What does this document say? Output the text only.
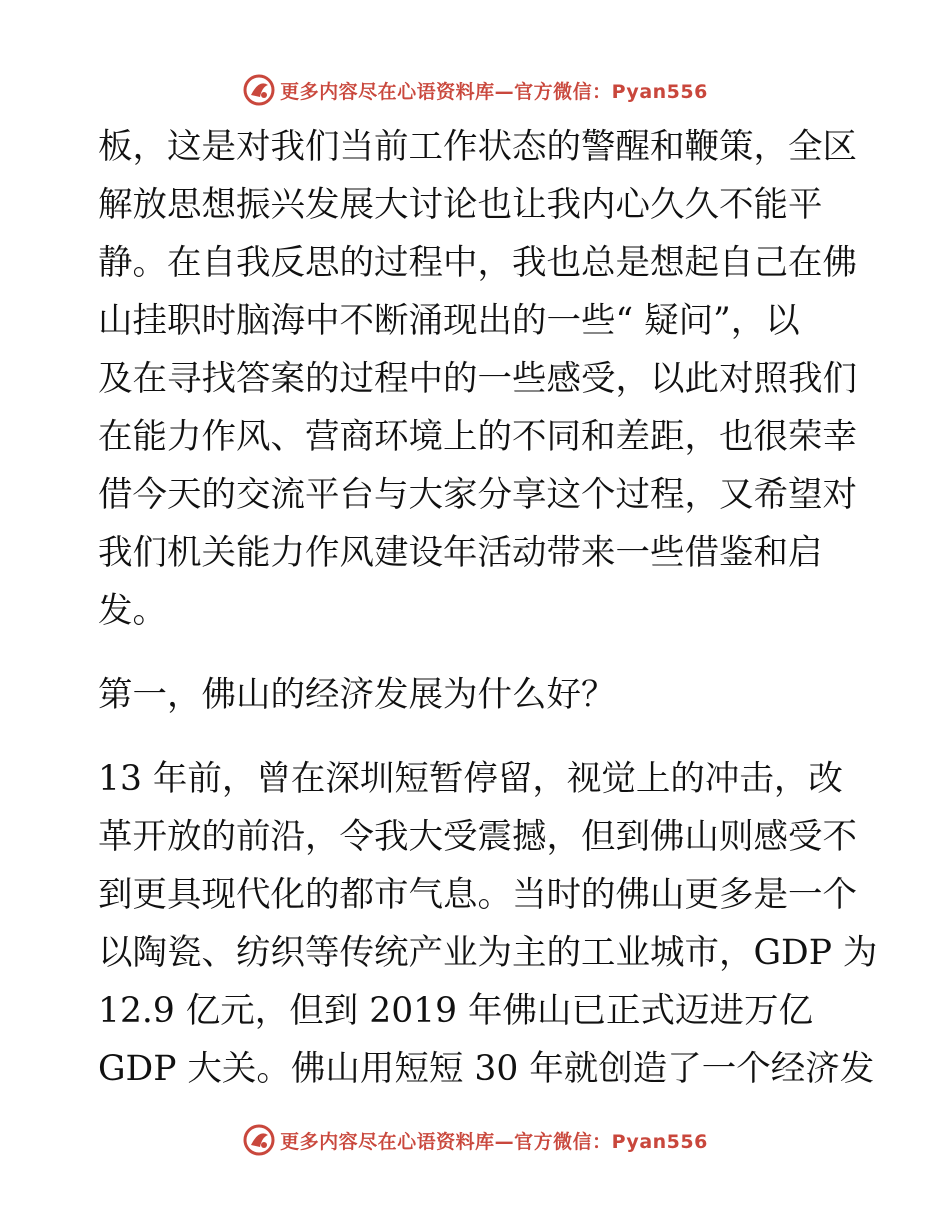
更多内容尽在心语资料库—官方微信：Pyan556

板，这是对我们当前工作状态的警醒和鞭策，全区
解放思想振兴发展大讨论也让我内心久久不能平
静。在自我反思的过程中，我也总是想起自己在佛
山挂职时脑海中不断涌现出的一些“ 疑问”，以
及在寻找答案的过程中的一些感受，以此对照我们
在能力作风、营商环境上的不同和差距，也很荣幸
借今天的交流平台与大家分享这个过程，又希望对
我们机关能力作风建设年活动带来一些借鉴和启
发。

第一，佛山的经济发展为什么好？

13 年前，曾在深圳短暂停留，视觉上的冲击，改
革开放的前沿，令我大受震撼，但到佛山则感受不
到更具现代化的都市气息。当时的佛山更多是一个
以陶瓷、纺织等传统产业为主的工业城市，GDP 为
12.9 亿元，但到 2019 年佛山已正式迈进万亿
GDP 大关。佛山用短短 30 年就创造了一个经济发

更多内容尽在心语资料库—官方微信：Pyan556
